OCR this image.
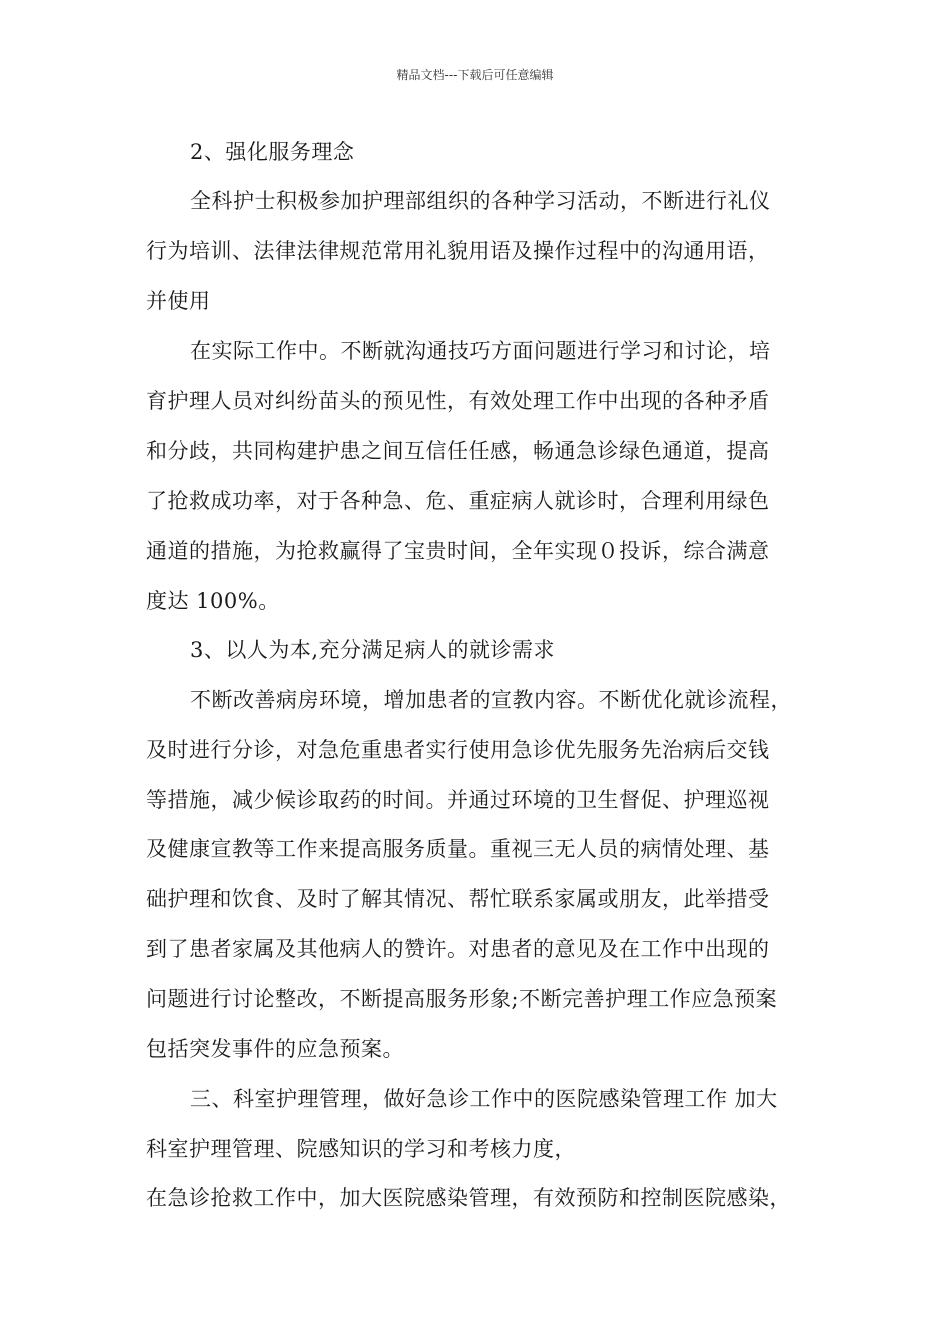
精品文档---下载后可任意编辑
2、强化服务理念
全科护士积极参加护理部组织的各种学习活动，不断进行礼仪
行为培训、法律法律规范常用礼貌用语及操作过程中的沟通用语，
并使用
在实际工作中。不断就沟通技巧方面问题进行学习和讨论，培
育护理人员对纠纷苗头的预见性，有效处理工作中出现的各种矛盾
和分歧，共同构建护患之间互信任任感，畅通急诊绿色通道，提高
了抢救成功率，对于各种急、危、重症病人就诊时，合理利用绿色
通道的措施，为抢救赢得了宝贵时间，全年实现０投诉，综合满意
度达 100%。
3、以人为本,充分满足病人的就诊需求
不断改善病房环境，增加患者的宣教内容。不断优化就诊流程，
及时进行分诊，对急危重患者实行使用急诊优先服务先治病后交钱
等措施，减少候诊取药的时间。并通过环境的卫生督促、护理巡视
及健康宣教等工作来提高服务质量。重视三无人员的病情处理、基
础护理和饮食、及时了解其情况、帮忙联系家属或朋友，此举措受
到了患者家属及其他病人的赞许。对患者的意见及在工作中出现的
问题进行讨论整改，不断提高服务形象;不断完善护理工作应急预案
包括突发事件的应急预案。
三、科室护理管理，做好急诊工作中的医院感染管理工作 加大
科室护理管理、院感知识的学习和考核力度，
在急诊抢救工作中，加大医院感染管理，有效预防和控制医院感染，
